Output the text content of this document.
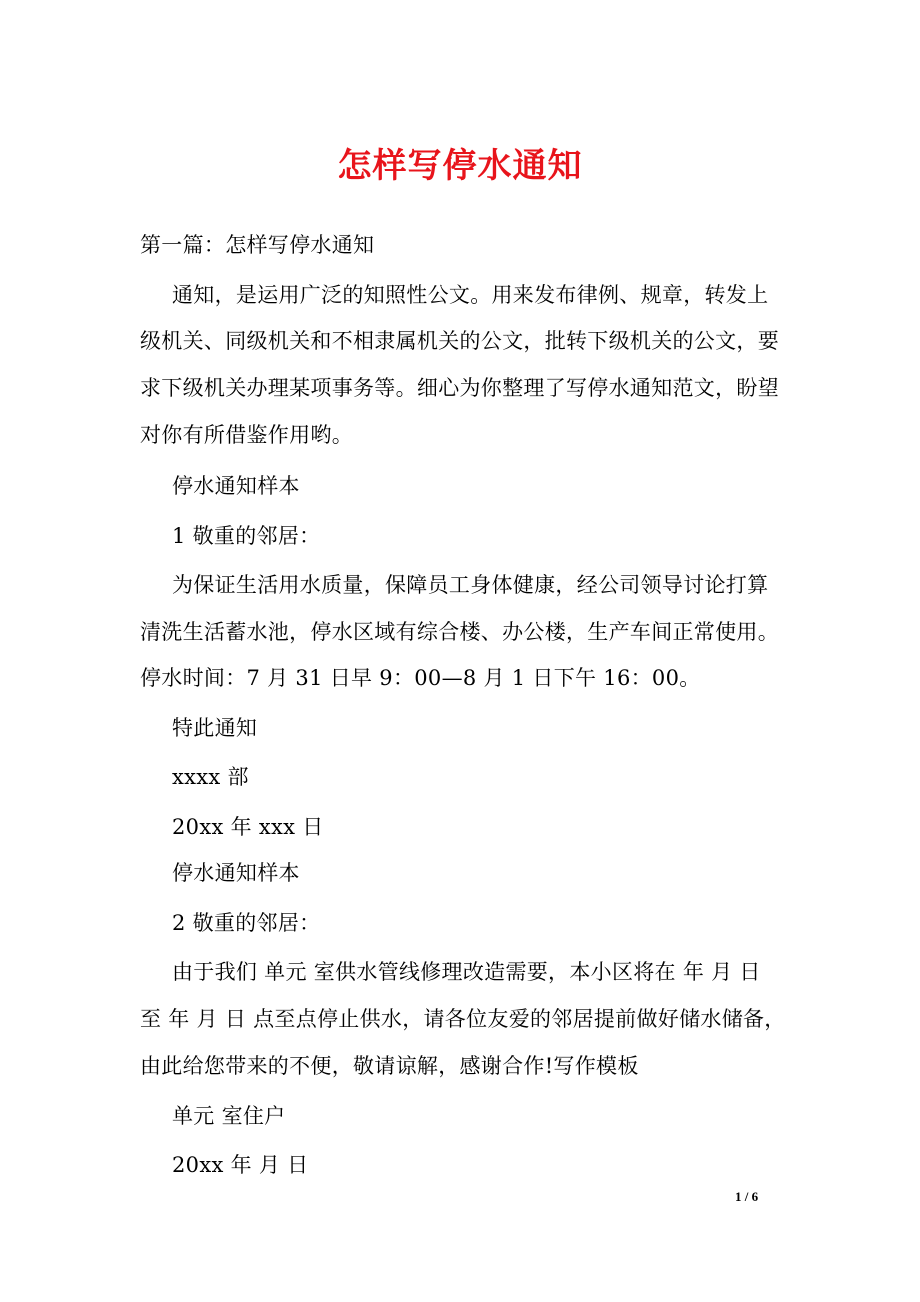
怎样写停水通知
第一篇：怎样写停水通知
通知，是运用广泛的知照性公文。用来发布律例、规章，转发上
级机关、同级机关和不相隶属机关的公文，批转下级机关的公文，要
求下级机关办理某项事务等。细心为你整理了写停水通知范文，盼望
对你有所借鉴作用哟。
停水通知样本
1 敬重的邻居：
为保证生活用水质量，保障员工身体健康，经公司领导讨论打算
清洗生活蓄水池，停水区域有综合楼、办公楼，生产车间正常使用。
停水时间：7 月 31 日早 9：00—8 月 1 日下午 16：00。
特此通知
xxxx 部
20xx 年 xxx 日
停水通知样本
2 敬重的邻居：
由于我们 单元 室供水管线修理改造需要，本小区将在 年 月 日
至 年 月 日 点至点停止供水，请各位友爱的邻居提前做好储水储备，
由此给您带来的不便，敬请谅解，感谢合作!写作模板
单元 室住户
20xx 年 月 日
1 / 6
